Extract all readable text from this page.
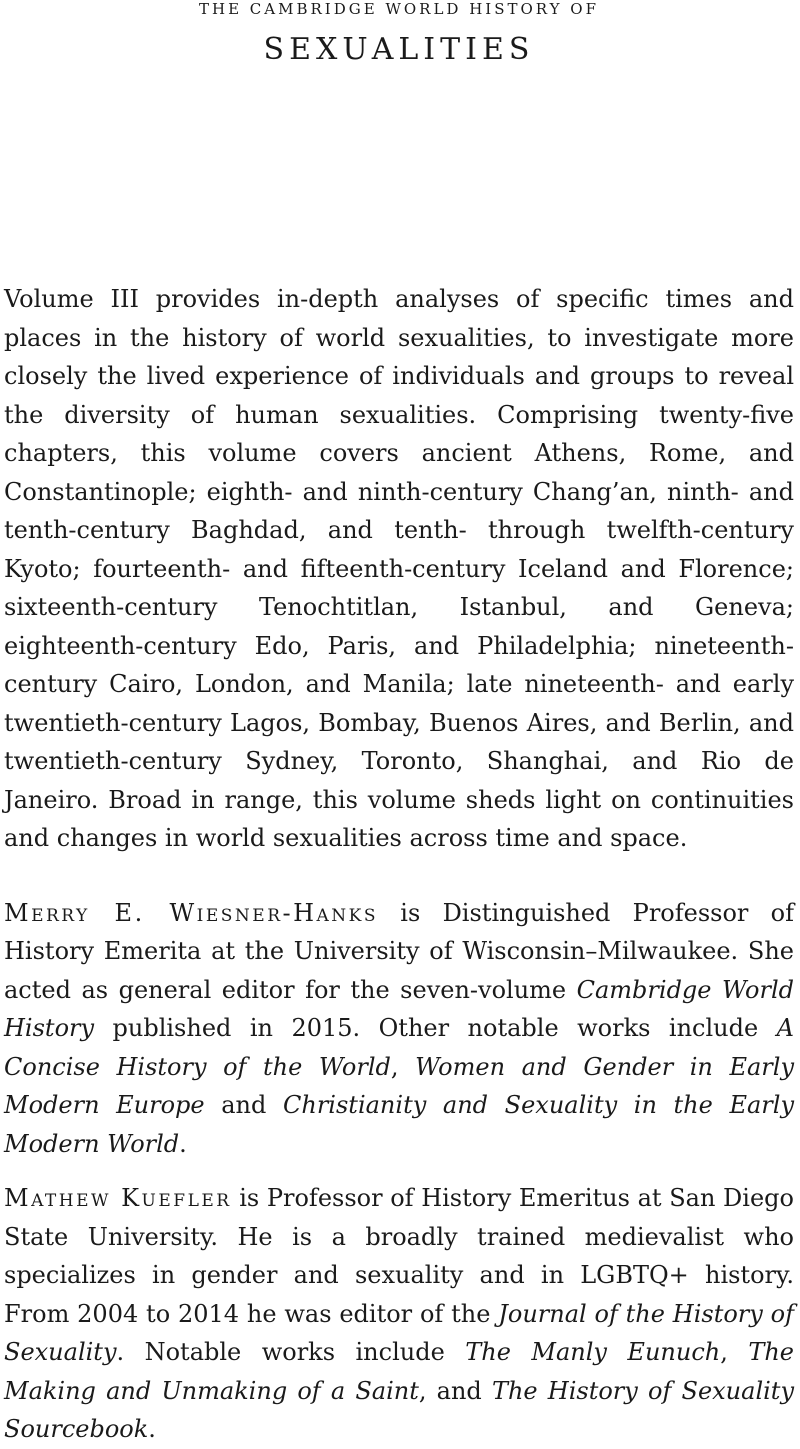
THE CAMBRIDGE WORLD HISTORY OF
SEXUALITIES

Volume III provides in-depth analyses of specific times and places in the history of world sexualities, to investigate more closely the lived experience of individuals and groups to reveal the diversity of human sexualities. Comprising twenty-five chapters, this volume covers ancient Athens, Rome, and Constantinople; eighth- and ninth-century Chang’an, ninth- and tenth-century Baghdad, and tenth- through twelfth-century Kyoto; fourteenth- and fifteenth-century Iceland and Florence; sixteenth-century Tenochtitlan, Istanbul, and Geneva; eighteenth-century Edo, Paris, and Philadelphia; nineteenth-century Cairo, London, and Manila; late nineteenth- and early twentieth-century Lagos, Bombay, Buenos Aires, and Berlin, and twentieth-century Sydney, Toronto, Shanghai, and Rio de Janeiro. Broad in range, this volume sheds light on continuities and changes in world sexualities across time and space.

Merry E. Wiesner-Hanks is Distinguished Professor of History Emerita at the University of Wisconsin–Milwaukee. She acted as general editor for the seven-volume Cambridge World History published in 2015. Other notable works include A Concise History of the World, Women and Gender in Early Modern Europe and Christianity and Sexuality in the Early Modern World.

Mathew Kuefler is Professor of History Emeritus at San Diego State University. He is a broadly trained medievalist who specializes in gender and sexuality and in LGBTQ+ history. From 2004 to 2014 he was editor of the Journal of the History of Sexuality. Notable works include The Manly Eunuch, The Making and Unmaking of a Saint, and The History of Sexuality Sourcebook.
